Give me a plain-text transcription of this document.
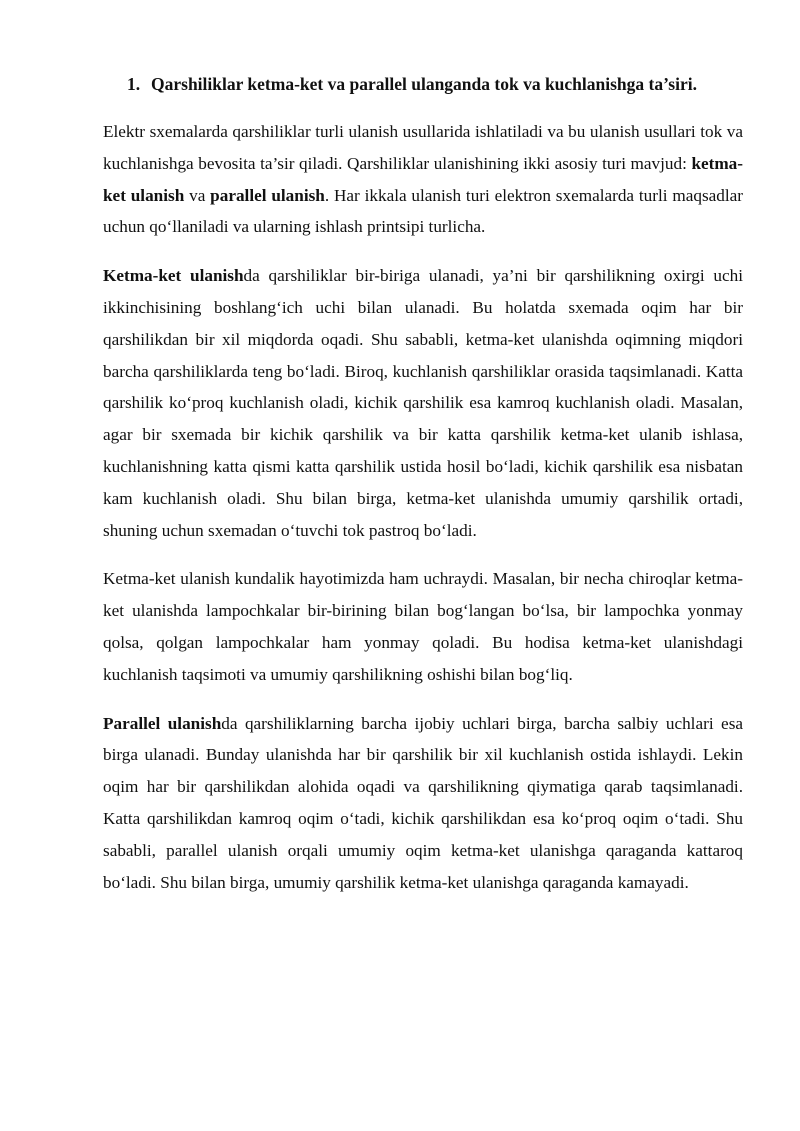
1. Qarshiliklar ketma-ket va parallel ulanganda tok va kuchlanishga ta’siri.

Elektr sxemalarda qarshiliklar turli ulanish usullarida ishlatiladi va bu ulanish usullari tok va kuchlanishga bevosita ta’sir qiladi. Qarshiliklar ulanishining ikki asosiy turi mavjud: ketma-ket ulanish va parallel ulanish. Har ikkala ulanish turi elektron sxemalarda turli maqsadlar uchun qo‘llaniladi va ularning ishlash printsipi turlicha.

Ketma-ket ulanishda qarshiliklar bir-biriga ulanadi, ya’ni bir qarshilikning oxirgi uchi ikkinchisining boshlang‘ich uchi bilan ulanadi. Bu holatda sxemada oqim har bir qarshilikdan bir xil miqdorda oqadi. Shu sababli, ketma-ket ulanishda oqimning miqdori barcha qarshiliklarda teng bo‘ladi. Biroq, kuchlanish qarshiliklar orasida taqsimlanadi. Katta qarshilik ko‘proq kuchlanish oladi, kichik qarshilik esa kamroq kuchlanish oladi. Masalan, agar bir sxemada bir kichik qarshilik va bir katta qarshilik ketma-ket ulanib ishlasa, kuchlanishning katta qismi katta qarshilik ustida hosil bo‘ladi, kichik qarshilik esa nisbatan kam kuchlanish oladi. Shu bilan birga, ketma-ket ulanishda umumiy qarshilik ortadi, shuning uchun sxemadan o‘tuvchi tok pastroq bo‘ladi.

Ketma-ket ulanish kundalik hayotimizda ham uchraydi. Masalan, bir necha chiroqlar ketma-ket ulanishda lampochkalar bir-birining bilan bog‘langan bo‘lsa, bir lampochka yonmay qolsa, qolgan lampochkalar ham yonmay qoladi. Bu hodisa ketma-ket ulanishdagi kuchlanish taqsimoti va umumiy qarshilikning oshishi bilan bog‘liq.

Parallel ulanishda qarshiliklarning barcha ijobiy uchlari birga, barcha salbiy uchlari esa birga ulanadi. Bunday ulanishda har bir qarshilik bir xil kuchlanish ostida ishlaydi. Lekin oqim har bir qarshilikdan alohida oqadi va qarshilikning qiymatiga qarab taqsimlanadi. Katta qarshilikdan kamroq oqim o‘tadi, kichik qarshilikdan esa ko‘proq oqim o‘tadi. Shu sababli, parallel ulanish orqali umumiy oqim ketma-ket ulanishga qaraganda kattaroq bo‘ladi. Shu bilan birga, umumiy qarshilik ketma-ket ulanishga qaraganda kamayadi.
